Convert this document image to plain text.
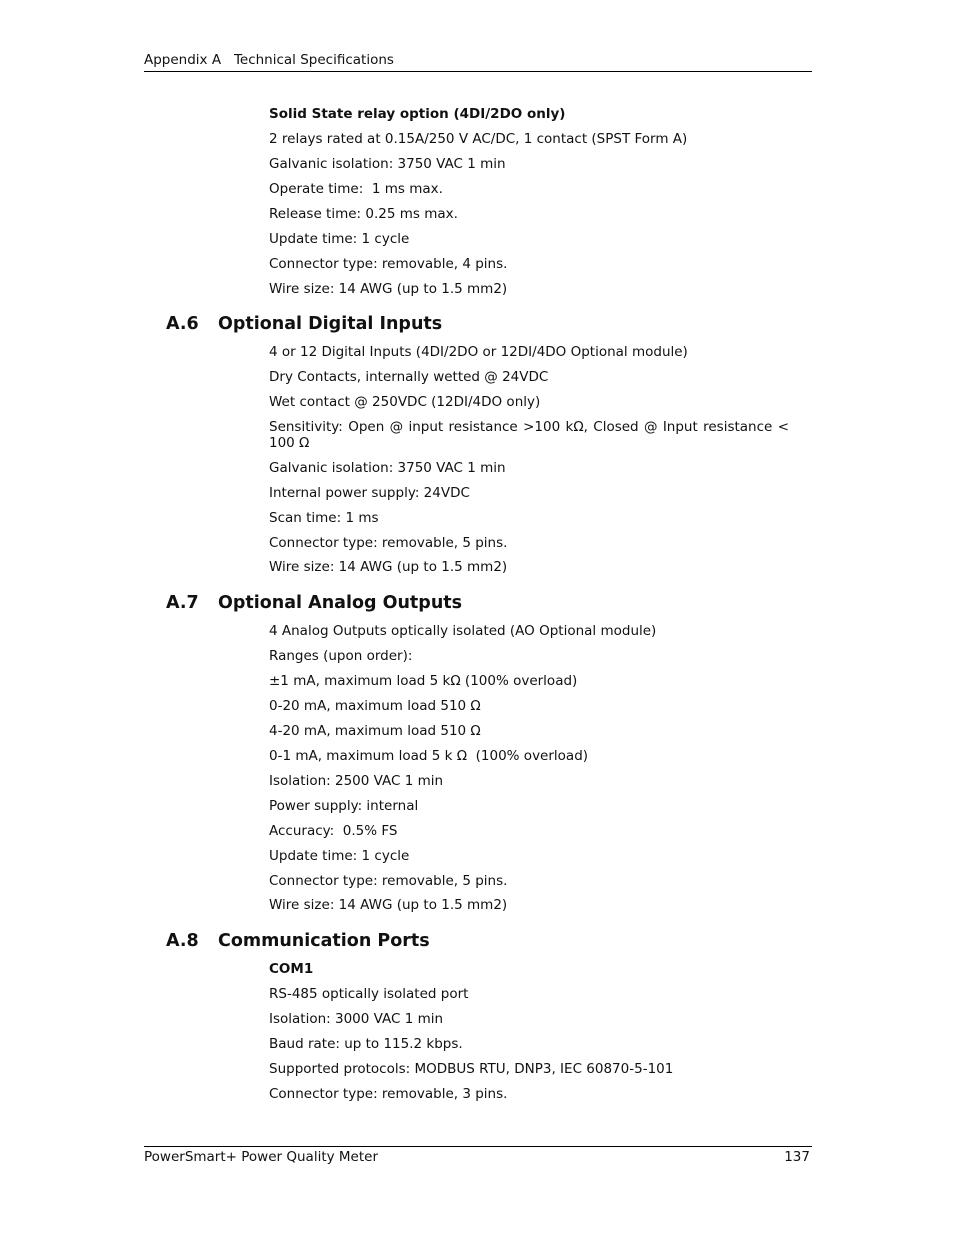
Appendix A   Technical Specifications
Solid State relay option (4DI/2DO only)
2 relays rated at 0.15A/250 V AC/DC, 1 contact (SPST Form A)
Galvanic isolation: 3750 VAC 1 min
Operate time:  1 ms max.
Release time: 0.25 ms max.
Update time: 1 cycle
Connector type: removable, 4 pins.
Wire size: 14 AWG (up to 1.5 mm2)
A.6 Optional Digital Inputs
4 or 12 Digital Inputs (4DI/2DO or 12DI/4DO Optional module)
Dry Contacts, internally wetted @ 24VDC
Wet contact @ 250VDC (12DI/4DO only)
Sensitivity: Open @ input resistance >100 kΩ, Closed @ Input resistance < 100 Ω
Galvanic isolation: 3750 VAC 1 min
Internal power supply: 24VDC
Scan time: 1 ms
Connector type: removable, 5 pins.
Wire size: 14 AWG (up to 1.5 mm2)
A.7 Optional Analog Outputs
4 Analog Outputs optically isolated (AO Optional module)
Ranges (upon order):
±1 mA, maximum load 5 kΩ (100% overload)
0-20 mA, maximum load 510 Ω
4-20 mA, maximum load 510 Ω
0-1 mA, maximum load 5 k Ω  (100% overload)
Isolation: 2500 VAC 1 min
Power supply: internal
Accuracy:  0.5% FS
Update time: 1 cycle
Connector type: removable, 5 pins.
Wire size: 14 AWG (up to 1.5 mm2)
A.8 Communication Ports
COM1
RS-485 optically isolated port
Isolation: 3000 VAC 1 min
Baud rate: up to 115.2 kbps.
Supported protocols: MODBUS RTU, DNP3, IEC 60870-5-101
Connector type: removable, 3 pins.
PowerSmart+ Power Quality Meter	137
